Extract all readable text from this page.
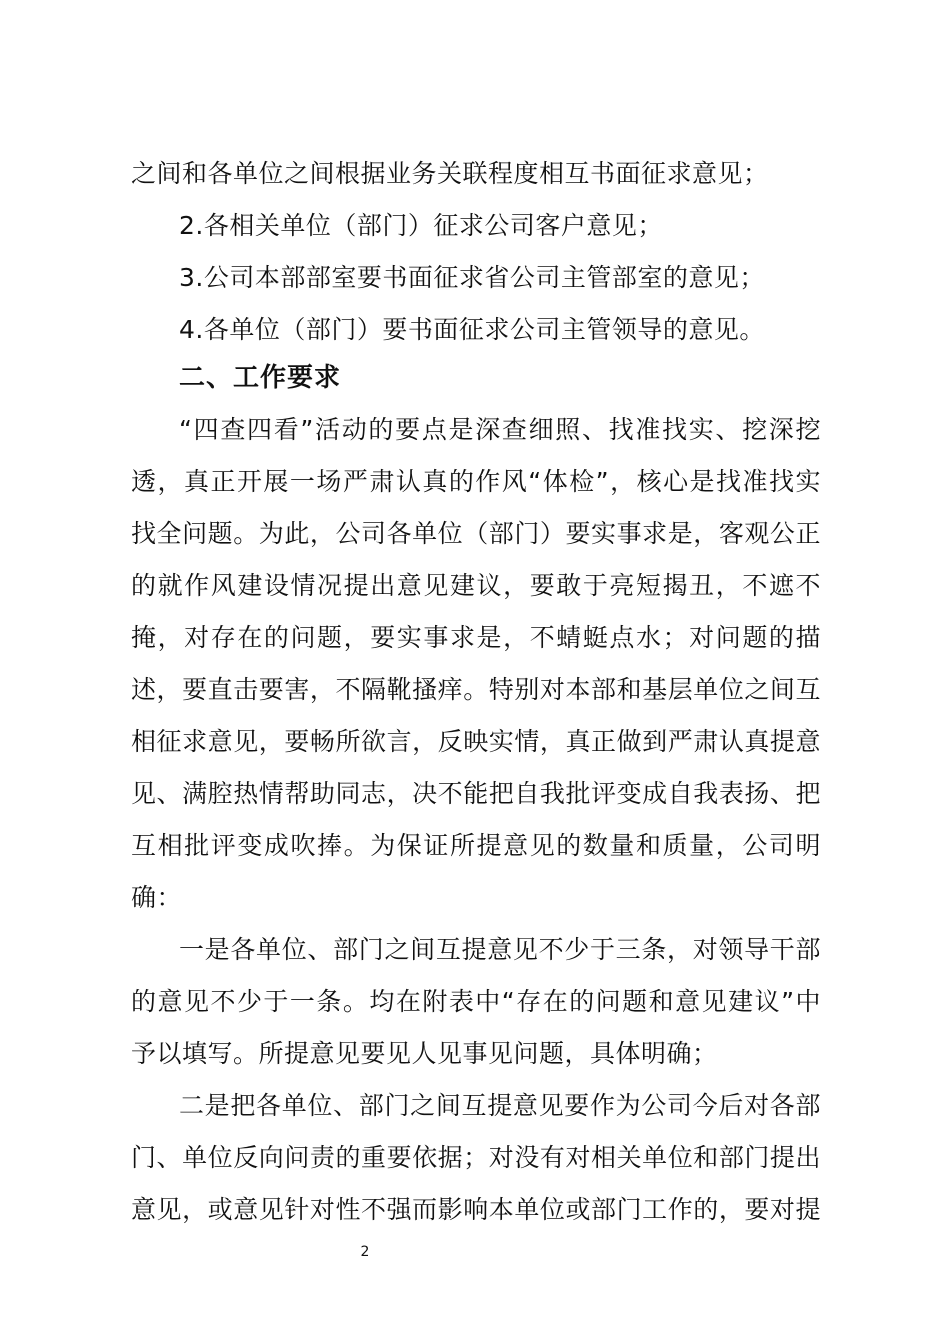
之间和各单位之间根据业务关联程度相互书面征求意见；
2.各相关单位（部门）征求公司客户意见；
3.公司本部部室要书面征求省公司主管部室的意见；
4.各单位（部门）要书面征求公司主管领导的意见。
二、工作要求
“四查四看”活动的要点是深查细照、找准找实、挖深挖
透，真正开展一场严肃认真的作风“体检”，核心是找准找实
找全问题。为此，公司各单位（部门）要实事求是，客观公正
的就作风建设情况提出意见建议，要敢于亮短揭丑，不遮不
掩，对存在的问题，要实事求是，不蜻蜓点水；对问题的描
述，要直击要害，不隔靴搔痒。特别对本部和基层单位之间互
相征求意见，要畅所欲言，反映实情，真正做到严肃认真提意
见、满腔热情帮助同志，决不能把自我批评变成自我表扬、把
互相批评变成吹捧。为保证所提意见的数量和质量，公司明
确：
一是各单位、部门之间互提意见不少于三条，对领导干部
的意见不少于一条。均在附表中“存在的问题和意见建议”中
予以填写。所提意见要见人见事见问题，具体明确；
二是把各单位、部门之间互提意见要作为公司今后对各部
门、单位反向问责的重要依据；对没有对相关单位和部门提出
意见，或意见针对性不强而影响本单位或部门工作的，要对提
2
